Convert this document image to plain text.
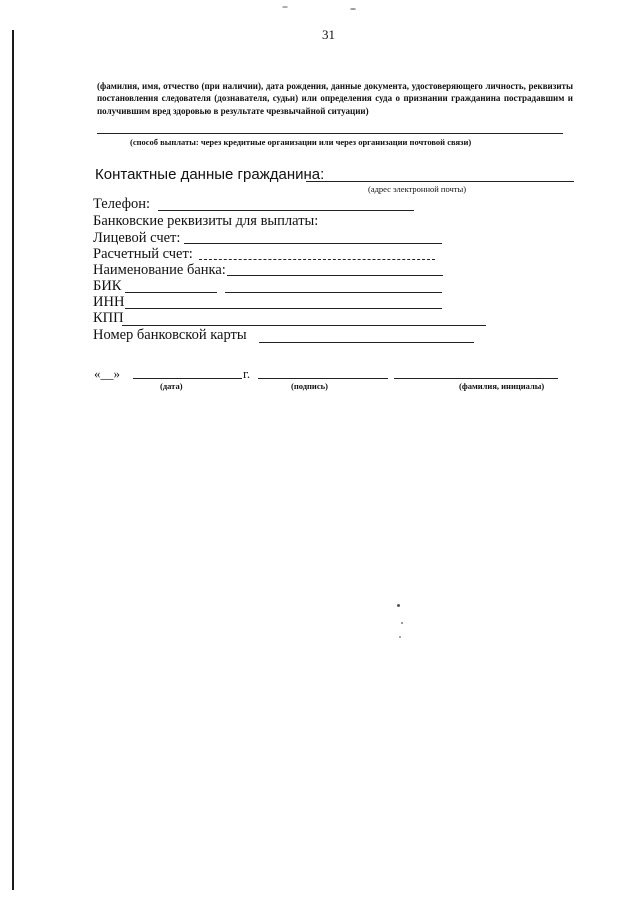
31
(фамилия, имя, отчество (при наличии), дата рождения, данные документа, удостоверяющего личность, реквизиты постановления следователя (дознавателя, судьи) или определения суда о признании гражданина пострадавшим и получившим вред здоровью в результате чрезвычайной ситуации)
(способ выплаты: через кредитные организации или через организации почтовой связи)
Контактные данные гражданина:
(адрес электронной почты)
Телефон:
Банковские реквизиты для выплаты:
Лицевой счет:
Расчетный счет:
Наименование банка:
БИК
ИНН
КПП
Номер банковской карты
«__»	г.
(дата)	(подпись)	(фамилия, инициалы)
